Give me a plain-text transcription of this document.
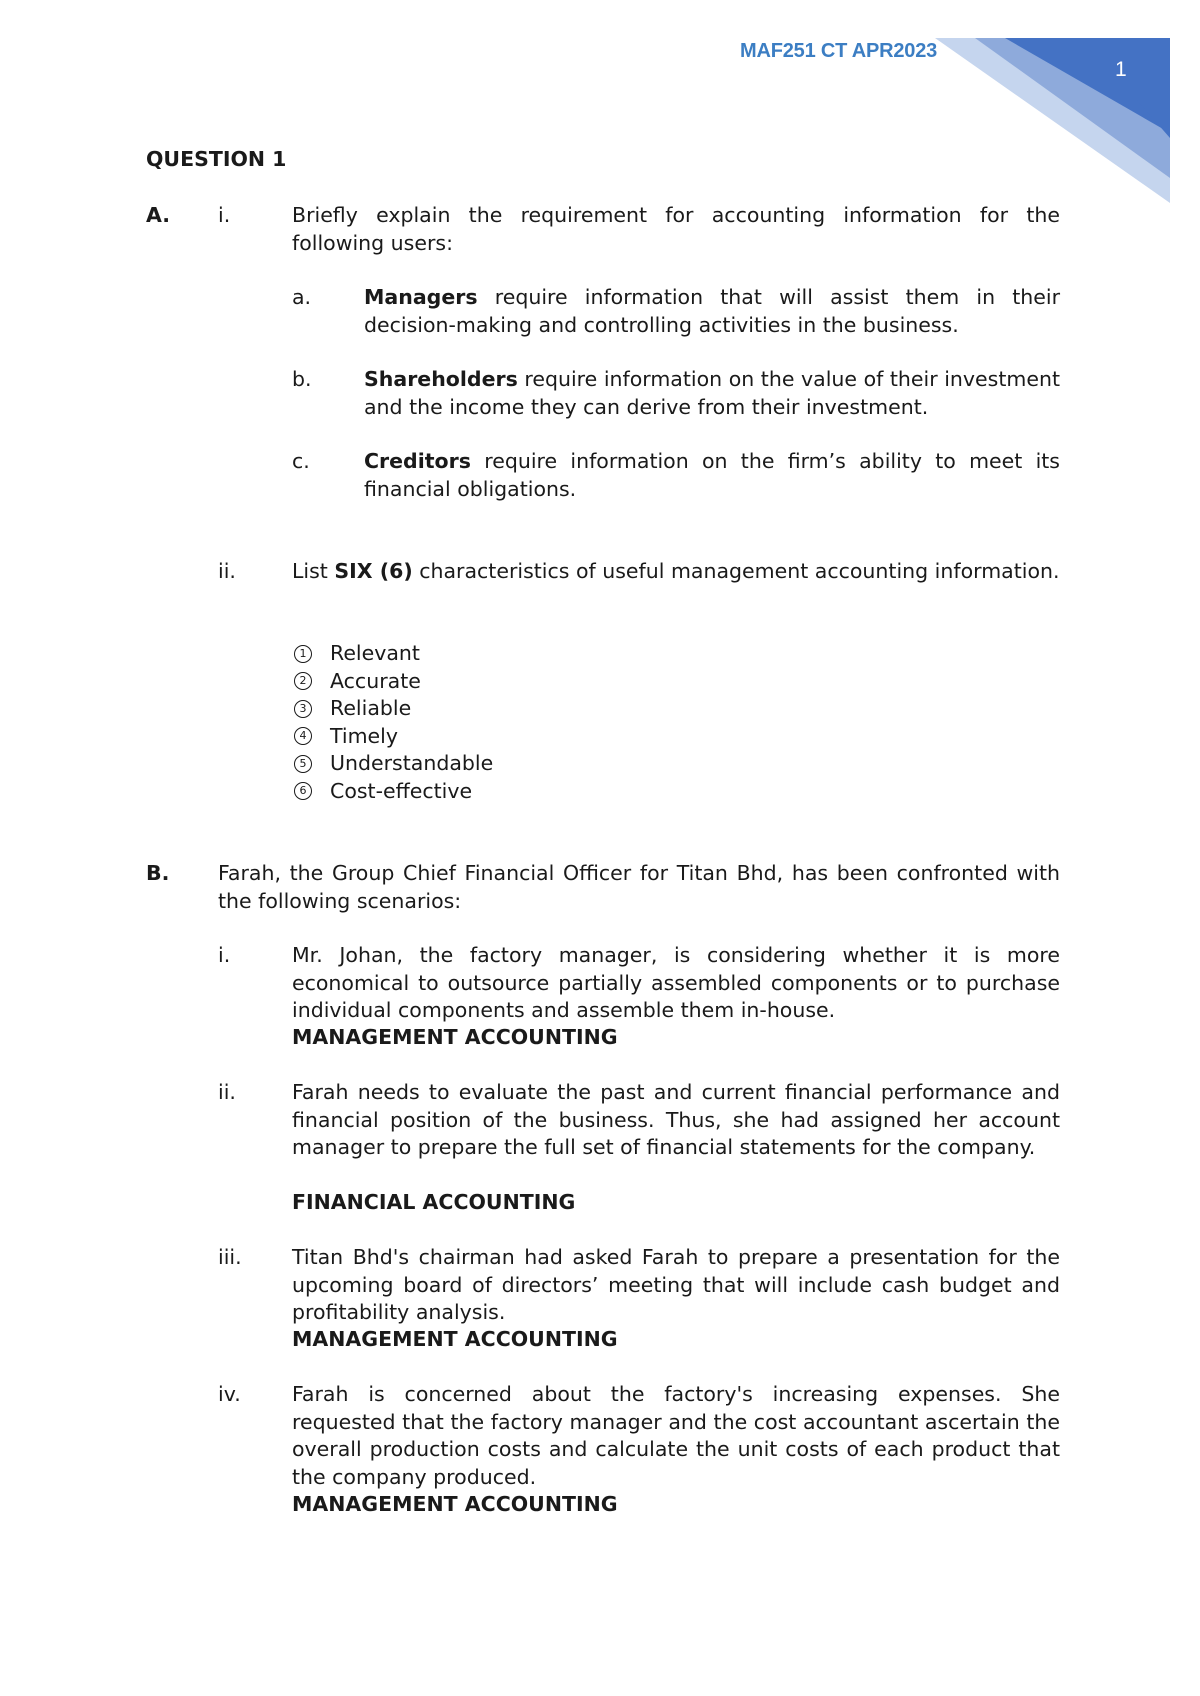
MAF251 CT APR2023
1
QUESTION 1
A. i.	Briefly explain the requirement for accounting information for the following users:
a.	Managers require information that will assist them in their decision-making and controlling activities in the business.
b.	Shareholders require information on the value of their investment and the income they can derive from their investment.
c.	Creditors require information on the firm’s ability to meet its financial obligations.
ii.	List SIX (6) characteristics of useful management accounting information.
1 Relevant
2 Accurate
3 Reliable
4 Timely
5 Understandable
6 Cost-effective
B. Farah, the Group Chief Financial Officer for Titan Bhd, has been confronted with the following scenarios:
i.	Mr. Johan, the factory manager, is considering whether it is more economical to outsource partially assembled components or to purchase individual components and assemble them in-house.
MANAGEMENT ACCOUNTING
ii.	Farah needs to evaluate the past and current financial performance and financial position of the business. Thus, she had assigned her account manager to prepare the full set of financial statements for the company.
FINANCIAL ACCOUNTING
iii. Titan Bhd's chairman had asked Farah to prepare a presentation for the upcoming board of directors’ meeting that will include cash budget and profitability analysis.
MANAGEMENT ACCOUNTING
iv. Farah is concerned about the factory's increasing expenses. She requested that the factory manager and the cost accountant ascertain the overall production costs and calculate the unit costs of each product that the company produced.
MANAGEMENT ACCOUNTING
